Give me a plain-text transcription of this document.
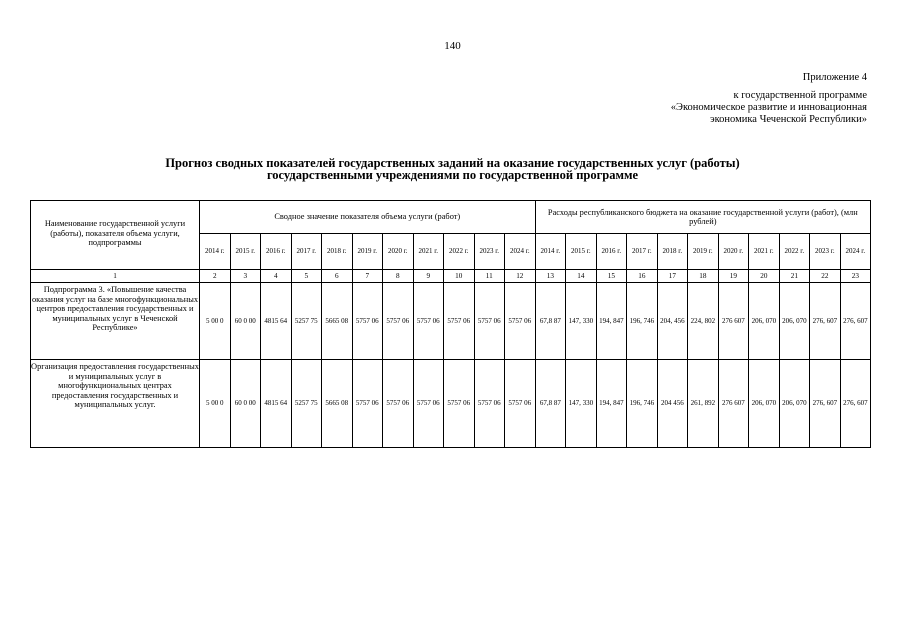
140
Приложение 4
к государственной программе
«Экономическое развитие и инновационная
экономика Чеченской Республики»
Прогноз сводных показателей государственных заданий на оказание государственных услуг (работы)
государственными учреждениями по государственной программе
Наименование государственной услуги (работы), показателя объема услуги, подпрограммы	Сводное значение показателя объема услуги (работ)											Расходы республиканского бюджета на оказание государственной услуги (работ), (млн рублей)										
	2014 г.	2015 г.	2016 г.	2017 г.	2018 г.	2019 г.	2020 г.	2021 г.	2022 г.	2023 г.	2024 г.	2014 г.	2015 г.	2016 г.	2017 г.	2018 г.	2019 г.	2020 г.	2021 г.	2022 г.	2023 г.	2024 г.
1	2	3	4	5	6	7	8	9	10	11	12	13	14	15	16	17	18	19	20	21	22	23
Подпрограмма 3. «Повышение качества оказания услуг на базе многофункциональных центров предоставления государственных и муниципальных услуг в Чеченской Республике»	5 00 0	60 0 00	4815 64	5257 75	5665 08	5757 06	5757 06	5757 06	5757 06	5757 06	5757 06	67,8 87	147, 330	194, 847	196, 746	204, 456	224, 802	276 607	206, 070	206, 070	276, 607	276, 607
Организация предоставления государственных и муниципальных услуг в многофункциональных центрах предоставления государственных и муниципальных услуг.	5 00 0	60 0 00	4815 64	5257 75	5665 08	5757 06	5757 06	5757 06	5757 06	5757 06	5757 06	67,8 87	147, 330	194, 847	196, 746	204 456	261, 892	276 607	206, 070	206, 070	276, 607	276, 607
